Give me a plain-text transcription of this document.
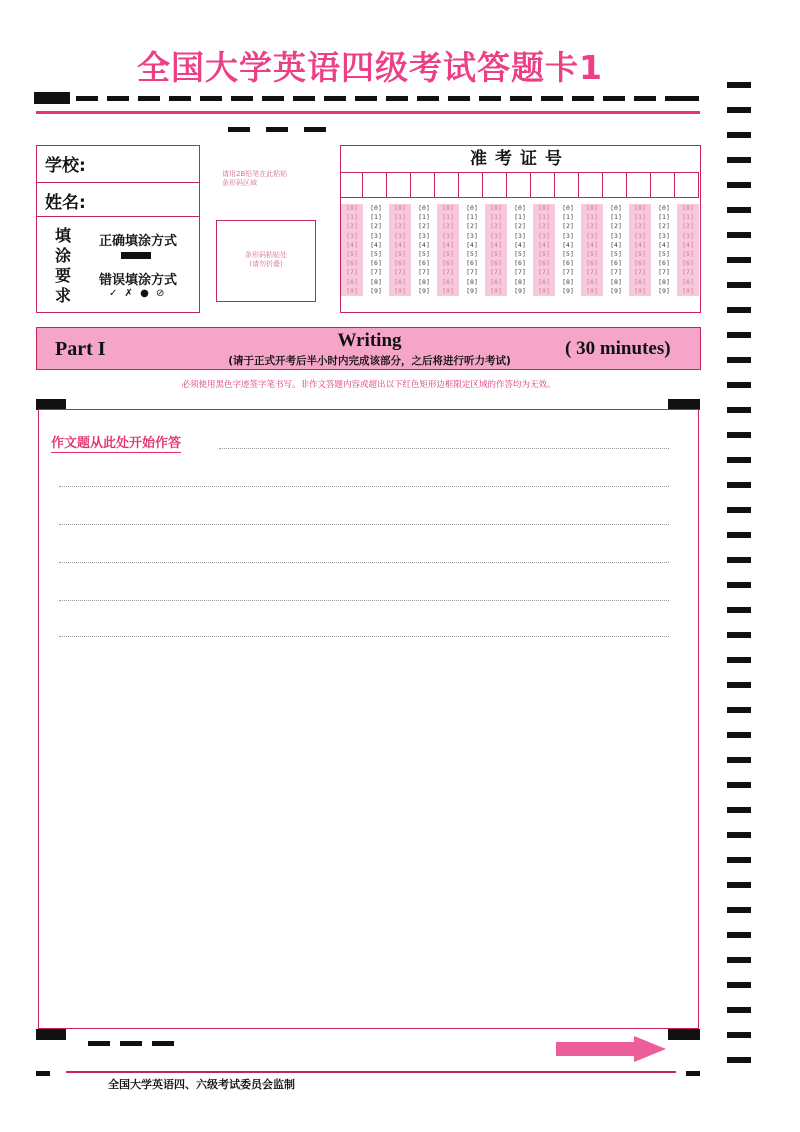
全国大学英语四级考试答题卡1
学校:
姓名:
填
涂
要
求
正确填涂方式
错误填涂方式
✓ ✗ ● ⊘
请用2B铅笔在此粘贴
条形码区域
条形码粘贴处
(请勿折叠)
准考证号
[0]
[1]
[2]
[3]
[4]
[5]
[6]
[7]
[8]
[9]
[0]
[1]
[2]
[3]
[4]
[5]
[6]
[7]
[8]
[9]
[0]
[1]
[2]
[3]
[4]
[5]
[6]
[7]
[8]
[9]
[0]
[1]
[2]
[3]
[4]
[5]
[6]
[7]
[8]
[9]
[0]
[1]
[2]
[3]
[4]
[5]
[6]
[7]
[8]
[9]
[0]
[1]
[2]
[3]
[4]
[5]
[6]
[7]
[8]
[9]
[0]
[1]
[2]
[3]
[4]
[5]
[6]
[7]
[8]
[9]
[0]
[1]
[2]
[3]
[4]
[5]
[6]
[7]
[8]
[9]
[0]
[1]
[2]
[3]
[4]
[5]
[6]
[7]
[8]
[9]
[0]
[1]
[2]
[3]
[4]
[5]
[6]
[7]
[8]
[9]
[0]
[1]
[2]
[3]
[4]
[5]
[6]
[7]
[8]
[9]
[0]
[1]
[2]
[3]
[4]
[5]
[6]
[7]
[8]
[9]
[0]
[1]
[2]
[3]
[4]
[5]
[6]
[7]
[8]
[9]
[0]
[1]
[2]
[3]
[4]
[5]
[6]
[7]
[8]
[9]
[0]
[1]
[2]
[3]
[4]
[5]
[6]
[7]
[8]
[9]
Part I	Writing
(请于正式开考后半小时内完成该部分，之后将进行听力考试)
( 30 minutes)
必须使用黑色字迹签字笔书写。非作文答题内容或超出以下红色矩形边框限定区域的作答均为无效。
作文题从此处开始作答
全国大学英语四、六级考试委员会监制
